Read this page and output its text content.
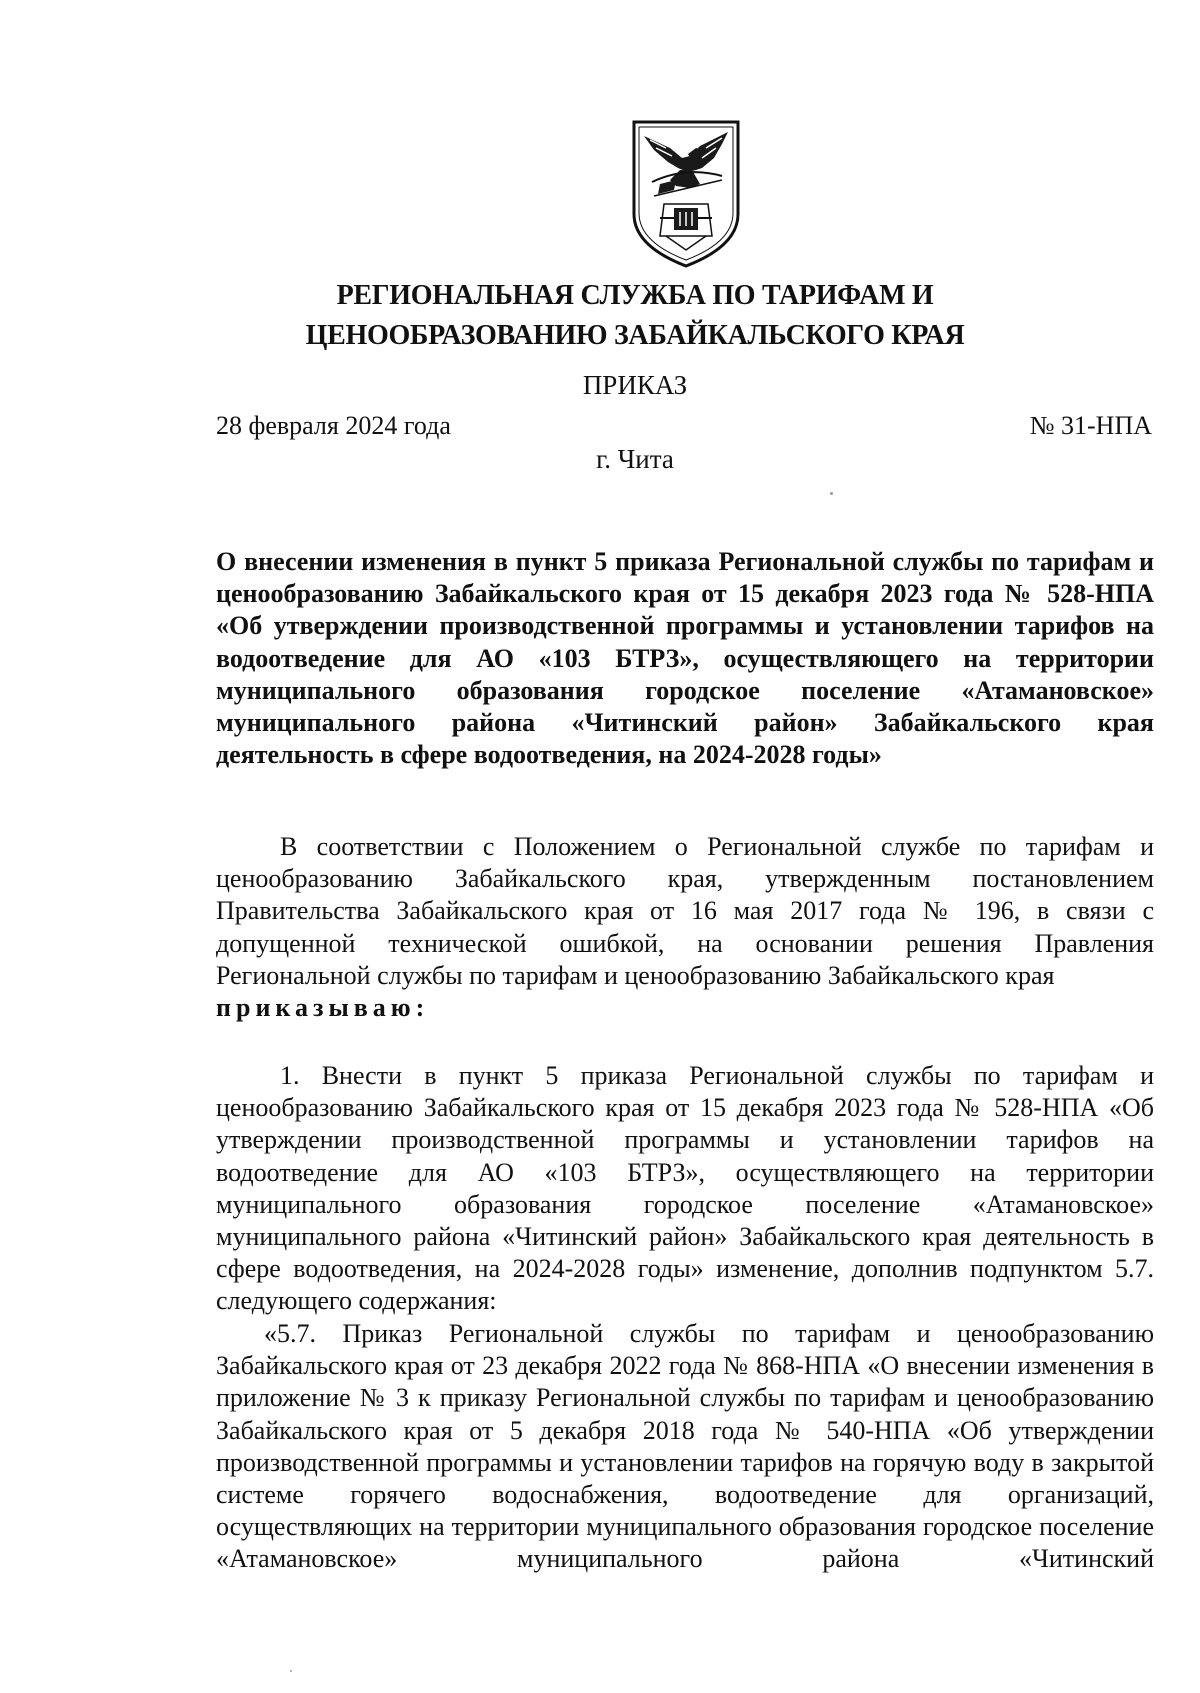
РЕГИОНАЛЬНАЯ СЛУЖБА ПО ТАРИФАМ И
ЦЕНООБРАЗОВАНИЮ ЗАБАЙКАЛЬСКОГО КРАЯ
ПРИКАЗ
28 февраля 2024 года	№ 31-НПА
г. Чита

О внесении изменения в пункт 5 приказа Региональной службы по тарифам и ценообразованию Забайкальского края от 15 декабря 2023 года № 528-НПА «Об утверждении производственной программы и установлении тарифов на водоотведение для АО «103 БТРЗ», осуществляющего на территории муниципального образования городское поселение «Атамановское» муниципального района «Читинский район» Забайкальского края деятельность в сфере водоотведения, на 2024-2028 годы»

В соответствии с Положением о Региональной службе по тарифам и ценообразованию Забайкальского края, утвержденным постановлением Правительства Забайкальского края от 16 мая 2017 года № 196, в связи с допущенной технической ошибкой, на основании решения Правления Региональной службы по тарифам и ценообразованию Забайкальского края

приказываю:

1. Внести в пункт 5 приказа Региональной службы по тарифам и ценообразованию Забайкальского края от 15 декабря 2023 года № 528-НПА «Об утверждении производственной программы и установлении тарифов на водоотведение для АО «103 БТРЗ», осуществляющего на территории муниципального образования городское поселение «Атамановское» муниципального района «Читинский район» Забайкальского края деятельность в сфере водоотведения, на 2024-2028 годы» изменение, дополнив подпунктом 5.7. следующего содержания:

«5.7. Приказ Региональной службы по тарифам и ценообразованию Забайкальского края от 23 декабря 2022 года № 868-НПА «О внесении изменения в приложение № 3 к приказу Региональной службы по тарифам и ценообразованию Забайкальского края от 5 декабря 2018 года № 540-НПА «Об утверждении производственной программы и установлении тарифов на горячую воду в закрытой системе горячего водоснабжения, водоотведение для организаций, осуществляющих на территории муниципального образования городское поселение «Атамановское» муниципального района «Читинский
